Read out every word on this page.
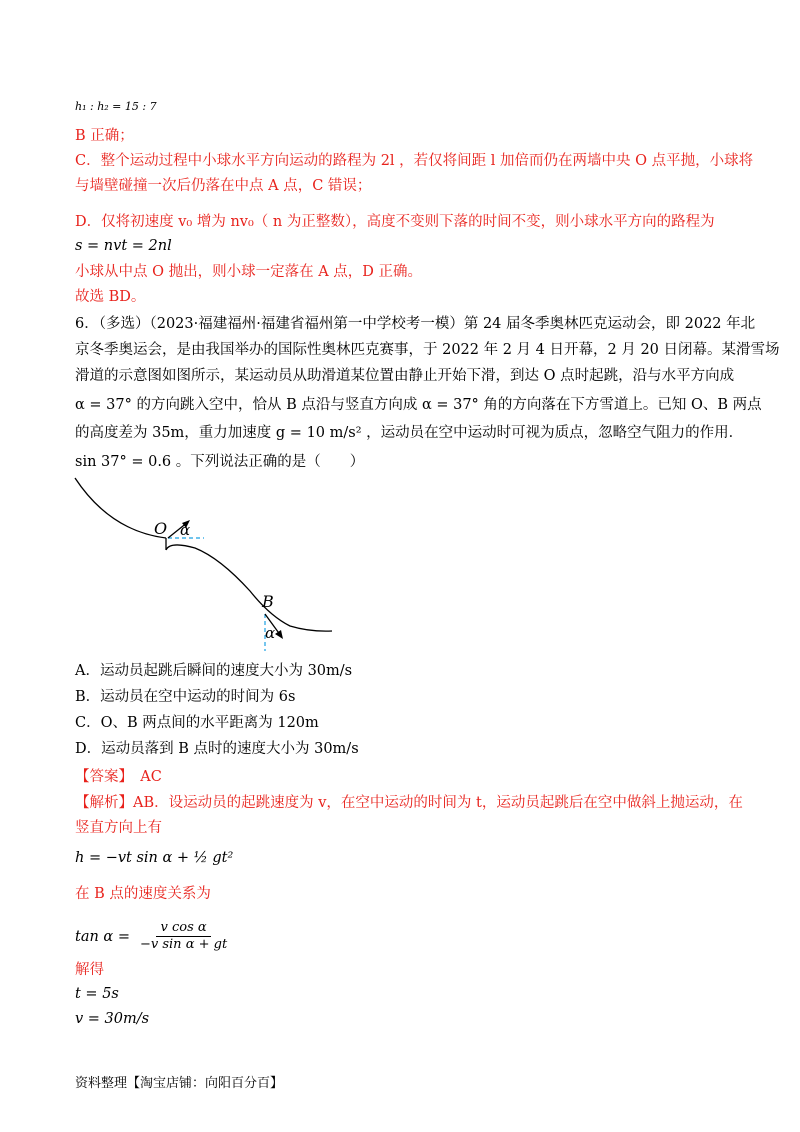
h₁ : h₂ = 15 : 7
B 正确；
C．整个运动过程中小球水平方向运动的路程为 2l ，若仅将间距 l 加倍而仍在两墙中央 O 点平抛，小球将
与墙壁碰撞一次后仍落在中点 A 点，C 错误；
D．仅将初速度 v₀ 增为 nv₀（ n 为正整数），高度不变则下落的时间不变，则小球水平方向的路程为
s = nvt = 2nl
小球从中点 O 抛出，则小球一定落在 A 点，D 正确。
故选 BD。
6．（多选）（2023·福建福州·福建省福州第一中学校考一模）第 24 届冬季奥林匹克运动会，即 2022 年北
京冬季奥运会，是由我国举办的国际性奥林匹克赛事，于 2022 年 2 月 4 日开幕，2 月 20 日闭幕。某滑雪场
滑道的示意图如图所示，某运动员从助滑道某位置由静止开始下滑，到达 O 点时起跳，沿与水平方向成
α = 37° 的方向跳入空中，恰从 B 点沿与竖直方向成 α = 37° 角的方向落在下方雪道上。已知 O、B 两点
的高度差为 35m，重力加速度 g = 10 m/s² ，运动员在空中运动时可视为质点，忽略空气阻力的作用．
sin 37° = 0.6 。下列说法正确的是（　　）
O α
B
α
A．运动员起跳后瞬间的速度大小为 30m/s
B．运动员在空中运动的时间为 6s
C．O、B 两点间的水平距离为 120m
D．运动员落到 B 点时的速度大小为 30m/s
【答案】　AC
【解析】AB．设运动员的起跳速度为 v，在空中运动的时间为 t，运动员起跳后在空中做斜上抛运动，在
竖直方向上有
h = −vt sin α + ½ gt²
在 B 点的速度关系为
$\tan \alpha = \frac{\text{v cos α}}{\text{−v sin α + gt}}$
解得
t = 5s
v = 30m/s
资料整理【淘宝店铺：向阳百分百】
